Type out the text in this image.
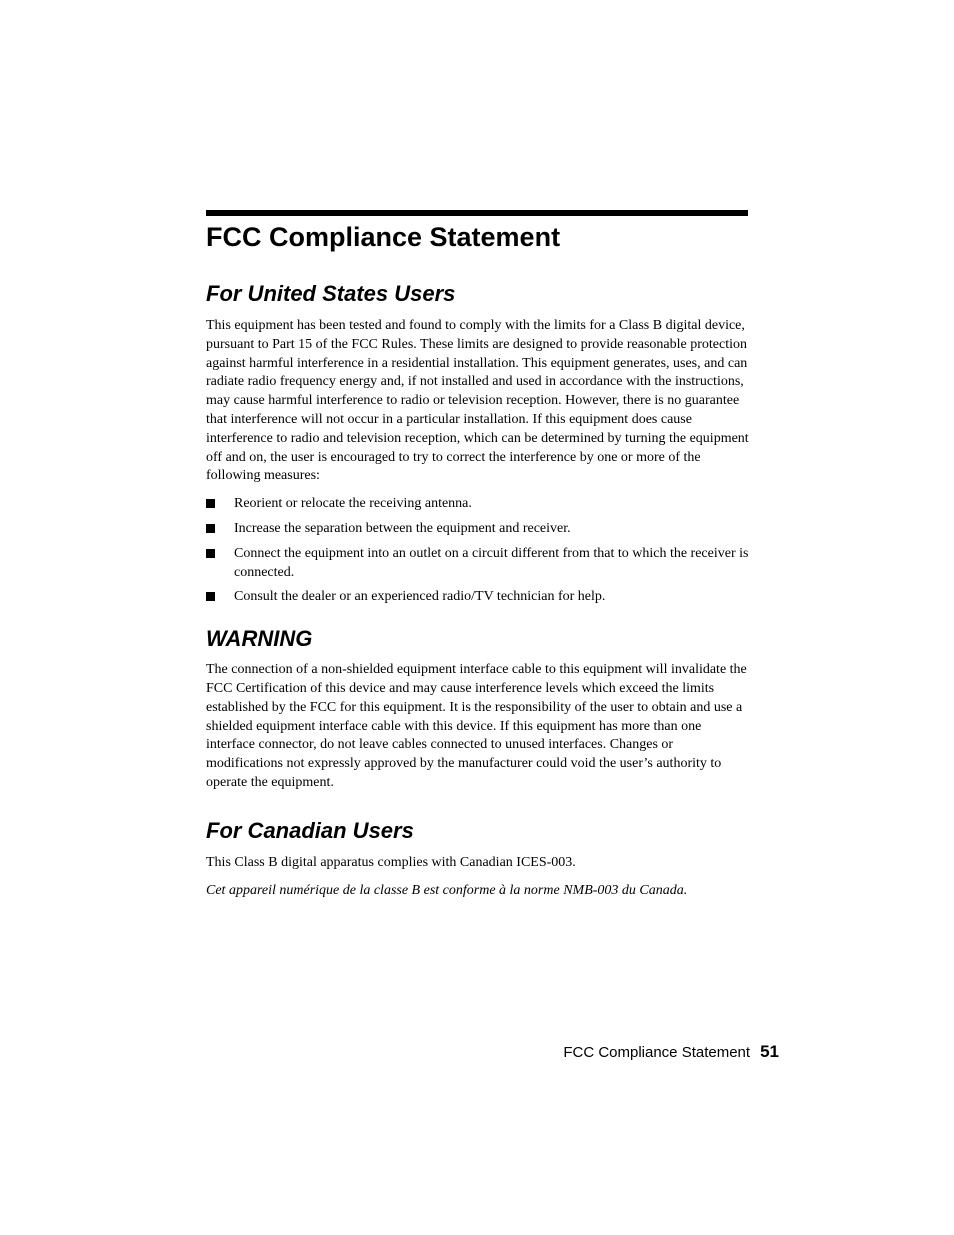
FCC Compliance Statement
For United States Users

This equipment has been tested and found to comply with the limits for a Class B digital device, pursuant to Part 15 of the FCC Rules. These limits are designed to provide reasonable protection against harmful interference in a residential installation. This equipment generates, uses, and can radiate radio frequency energy and, if not installed and used in accordance with the instructions, may cause harmful interference to radio or television reception. However, there is no guarantee that interference will not occur in a particular installation. If this equipment does cause interference to radio and television reception, which can be determined by turning the equipment off and on, the user is encouraged to try to correct the interference by one or more of the following measures:

Reorient or relocate the receiving antenna.
Increase the separation between the equipment and receiver.
Connect the equipment into an outlet on a circuit different from that to which the receiver is connected.
Consult the dealer or an experienced radio/TV technician for help.
WARNING

The connection of a non-shielded equipment interface cable to this equipment will invalidate the FCC Certification of this device and may cause interference levels which exceed the limits established by the FCC for this equipment. It is the responsibility of the user to obtain and use a shielded equipment interface cable with this device. If this equipment has more than one interface connector, do not leave cables connected to unused interfaces. Changes or modifications not expressly approved by the manufacturer could void the user’s authority to operate the equipment.

For Canadian Users

This Class B digital apparatus complies with Canadian ICES-003.

Cet appareil numérique de la classe B est conforme à la norme NMB-003 du Canada.

FCC Compliance Statement 51
